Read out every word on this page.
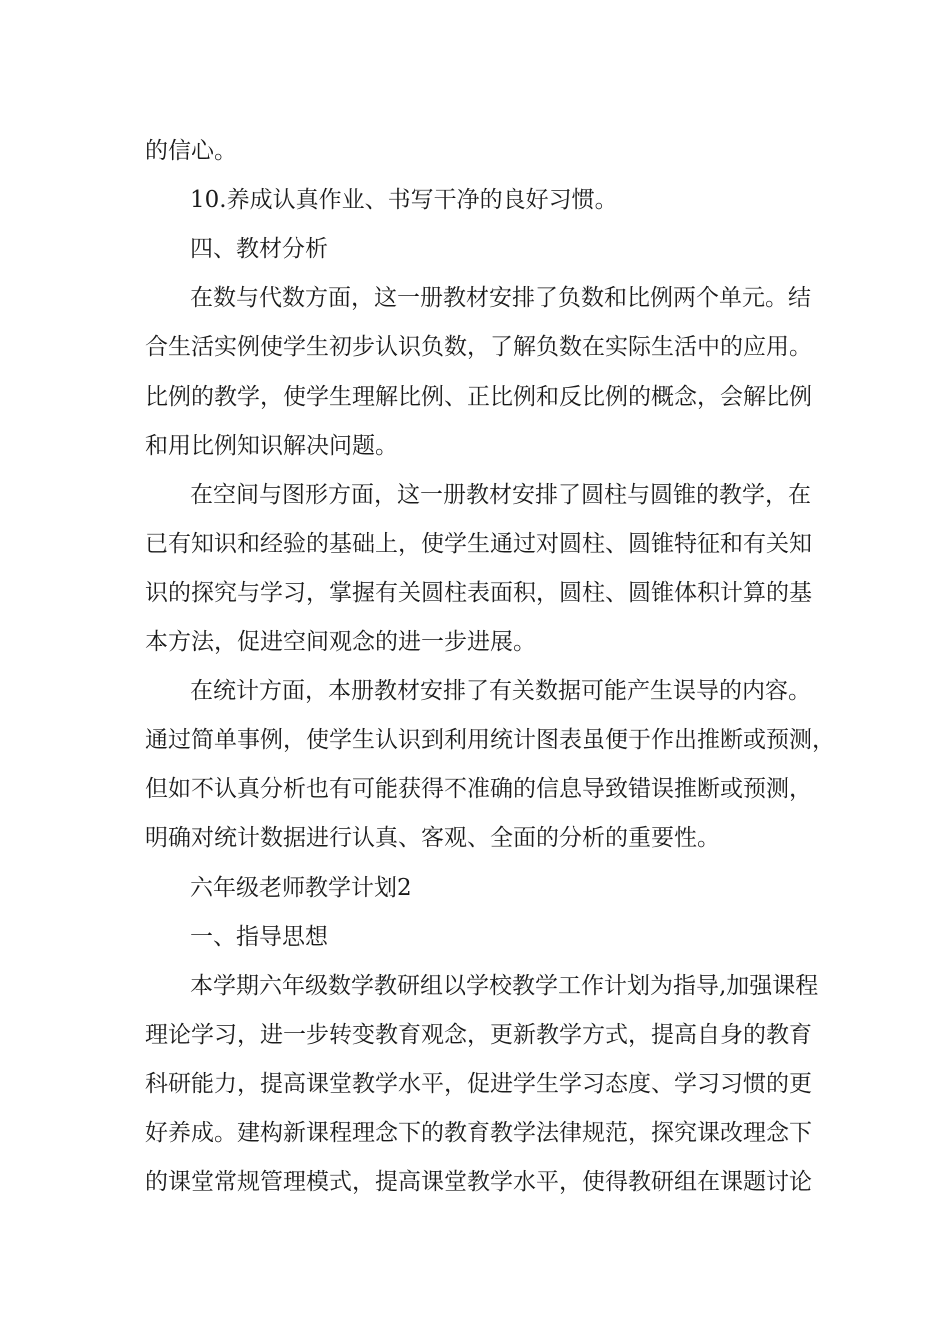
的信心。
10.养成认真作业、书写干净的良好习惯。
四、教材分析
在数与代数方面，这一册教材安排了负数和比例两个单元。结
合生活实例使学生初步认识负数，了解负数在实际生活中的应用。
比例的教学，使学生理解比例、正比例和反比例的概念，会解比例
和用比例知识解决问题。
在空间与图形方面，这一册教材安排了圆柱与圆锥的教学，在
已有知识和经验的基础上，使学生通过对圆柱、圆锥特征和有关知
识的探究与学习，掌握有关圆柱表面积，圆柱、圆锥体积计算的基
本方法，促进空间观念的进一步进展。
在统计方面，本册教材安排了有关数据可能产生误导的内容。
通过简单事例，使学生认识到利用统计图表虽便于作出推断或预测，
但如不认真分析也有可能获得不准确的信息导致错误推断或预测，
明确对统计数据进行认真、客观、全面的分析的重要性。
六年级老师教学计划2
一、指导思想
本学期六年级数学教研组以学校教学工作计划为指导,加强课程
理论学习，进一步转变教育观念，更新教学方式，提高自身的教育
科研能力，提高课堂教学水平，促进学生学习态度、学习习惯的更
好养成。建构新课程理念下的教育教学法律规范，探究课改理念下
的课堂常规管理模式，提高课堂教学水平，使得教研组在课题讨论
